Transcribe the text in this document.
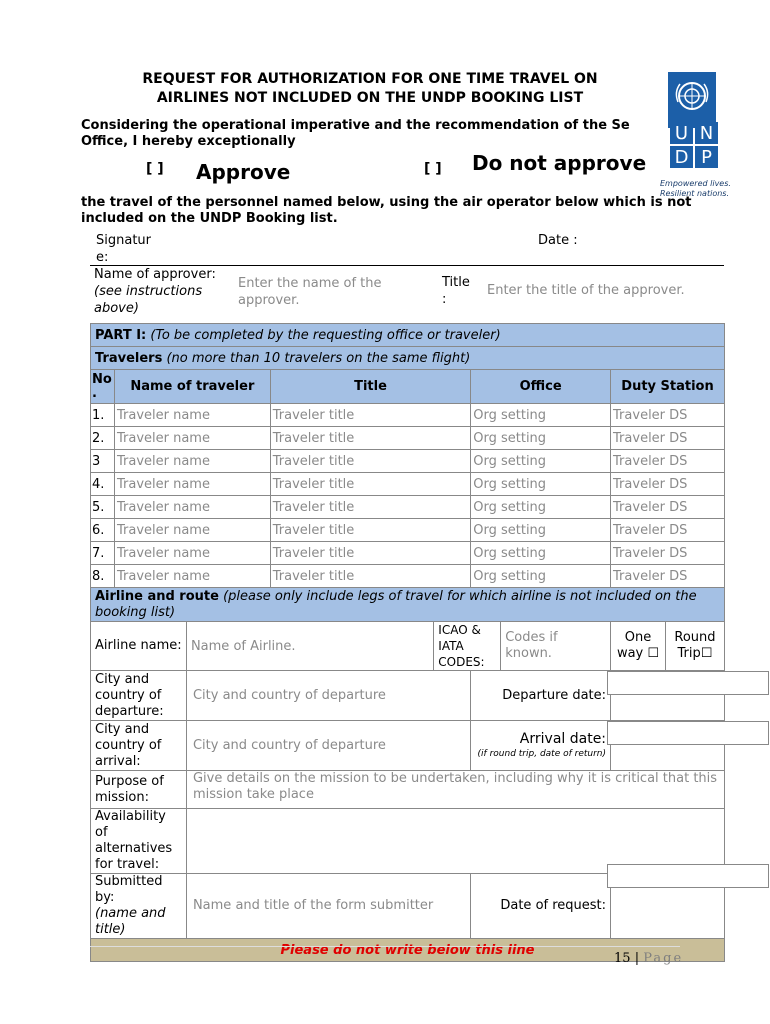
REQUEST FOR AUTHORIZATION FOR ONE TIME TRAVEL ON
AIRLINES NOT INCLUDED ON THE UNDP BOOKING LIST
U	N
D	P
Empowered lives.
Resilient nations.
Considering the operational imperative and the recommendation of the Se Office, I hereby exceptionally
[ ] Approve	[ ] Do not approve
the travel of the personnel named below, using the air operator below which is not included on the UNDP Booking list.
Signatur e:
Date :
Name of approver:
(see instructions above)
Enter the name of the approver.
Title :
Enter the title of the approver.
PART I: (To be completed by the requesting office or traveler)								
Travelers (no more than 10 travelers on the same flight)								
No .	Name of traveler		Title		Office		Duty Station	
1.	Traveler name		Traveler title		Org setting		Traveler DS	
2.	Traveler name		Traveler title		Org setting		Traveler DS	
3	Traveler name		Traveler title		Org setting		Traveler DS	
4.	Traveler name		Traveler title		Org setting		Traveler DS	
5.	Traveler name		Traveler title		Org setting		Traveler DS	
6.	Traveler name		Traveler title		Org setting		Traveler DS	
7.	Traveler name		Traveler title		Org setting		Traveler DS	
8.	Traveler name		Traveler title		Org setting		Traveler DS	
Airline and route (please only include legs of travel for which airline is not included on the booking list)								
Airline name:		Name of Airline.		ICAO & IATA CODES:		Codes if known.	One way ☐	Round Trip☐
City and country of departure:		City and country of departure			Departure date:			
City and country of arrival:		City and country of departure			Arrival date:
(if round trip, date of return)			

Purpose of mission:		Give details on the mission to be undertaken, including why it is critical that this mission take place						
Availability of alternatives for travel:								

Submitted by:
(name and title)		Name and title of the form submitter			Date of request:			
Please do not write below this line								
15 | Page
